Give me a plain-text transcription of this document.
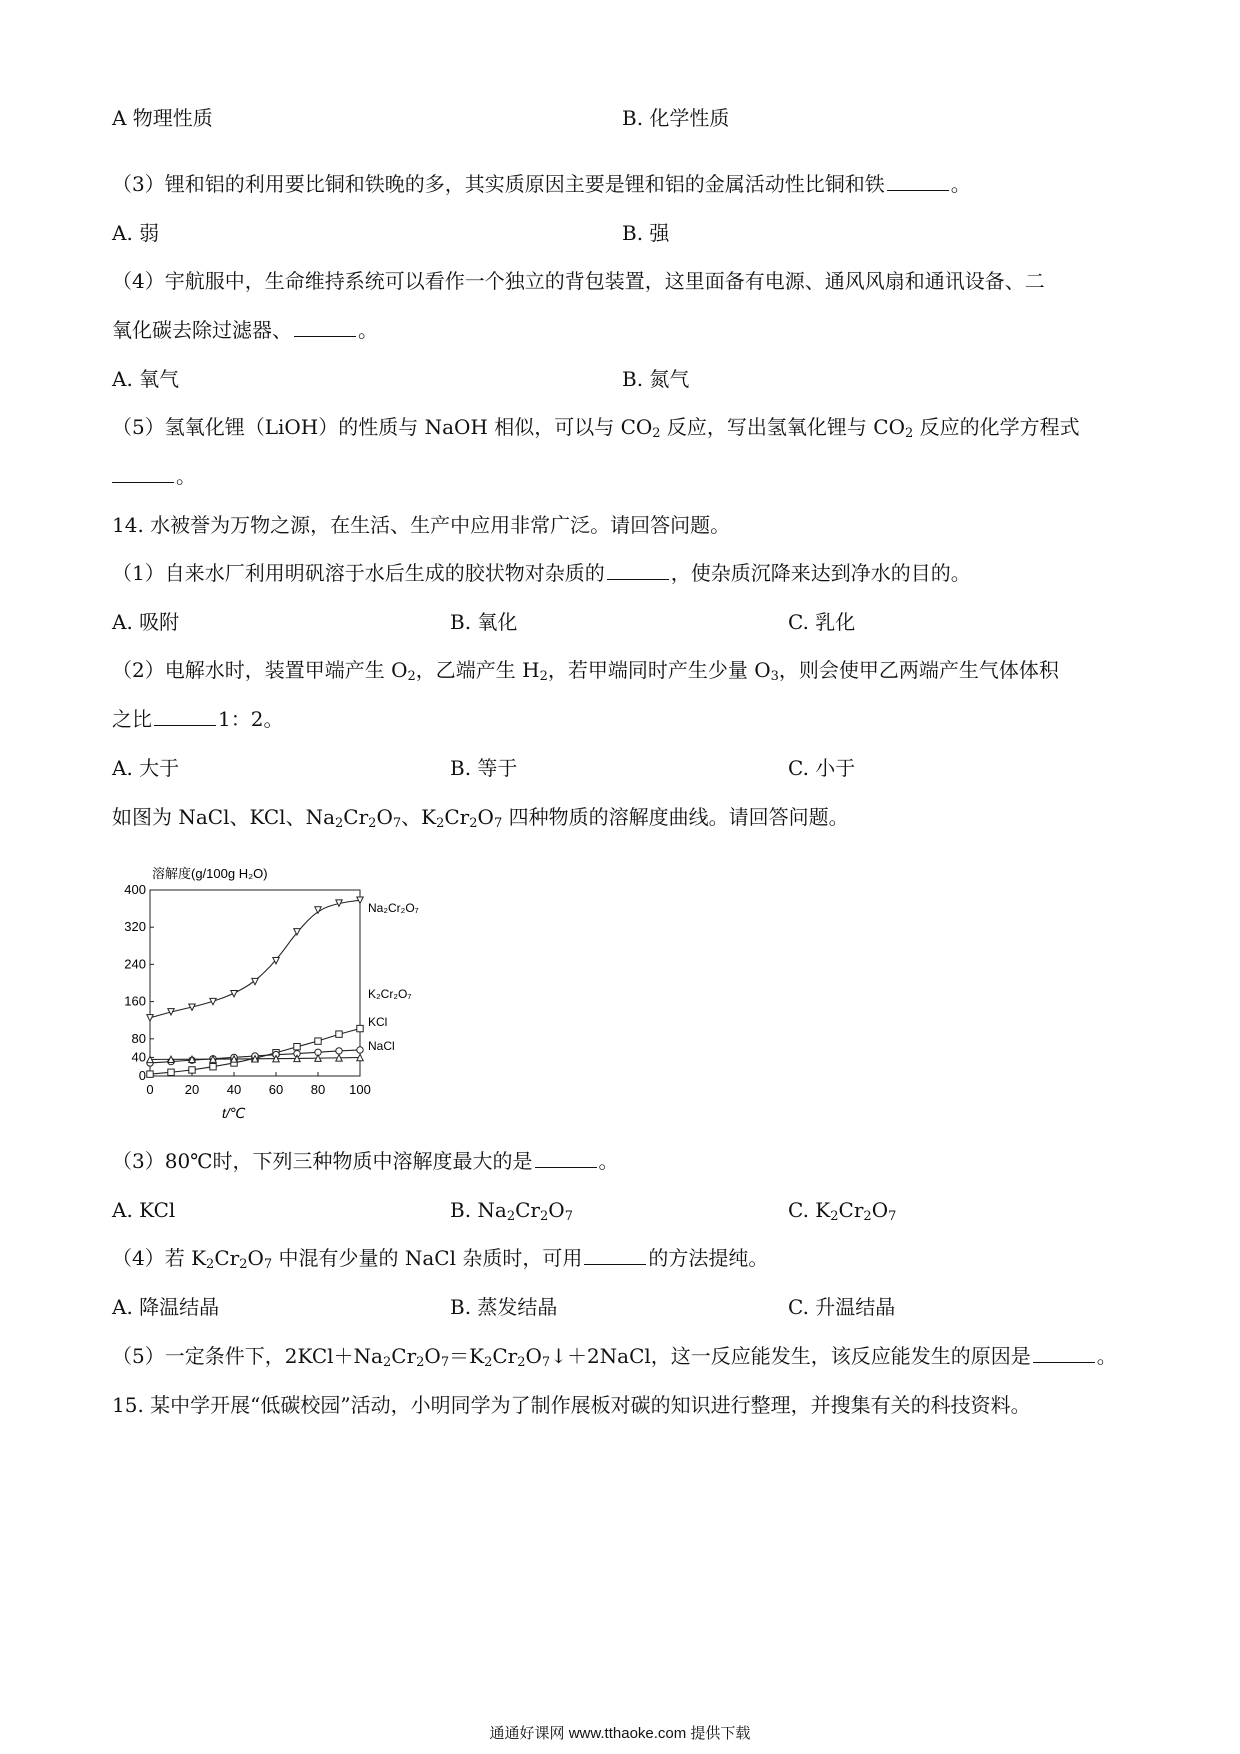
A 物理性质	B. 化学性质
（3）锂和铝的利用要比铜和铁晚的多，其实质原因主要是锂和铝的金属活动性比铜和铁	。
A. 弱	B. 强
（4）宇航服中，生命维持系统可以看作一个独立的背包装置，这里面备有电源、通风风扇和通讯设备、二
氧化碳去除过滤器、	。
A. 氧气	B. 氮气
（5）氢氧化锂（LiOH）的性质与 NaOH 相似，可以与 $CO_2$ 反应，写出氢氧化锂与 $CO_2$ 反应的化学方程式
。
14. 水被誉为万物之源，在生活、生产中应用非常广泛。请回答问题。
（1）自来水厂利用明矾溶于水后生成的胶状物对杂质的	，使杂质沉降来达到净水的目的。
A. 吸附	B. 氧化	C. 乳化
（2）电解水时，装置甲端产生 $O_2$，乙端产生 $H_2$，若甲端同时产生少量 $O_3$，则会使甲乙两端产生气体体积
之比	1：2。
A. 大于	B. 等于	C. 小于
如图为 NaCl、KCl、$Na_2Cr_2O_7$、$K_2Cr_2O_7$ 四种物质的溶解度曲线。请回答问题。
溶解度(g/100g H₂O)
t/℃
0
40
80
160
240
320
400
0 20 40 60 80 100
Na₂Cr₂O₇
K₂Cr₂O₇
KCl
NaCl
（3）80℃时，下列三种物质中溶解度最大的是	。
A. KCl	B. $Na_2Cr_2O_7$	C. $K_2Cr_2O_7$
（4）若 $K_2Cr_2O_7$ 中混有少量的 NaCl 杂质时，可用	的方法提纯。
A. 降温结晶	B. 蒸发结晶	C. 升温结晶
（5）一定条件下，$2KCl+Na_2Cr_2O_7=K_2Cr_2O_7↓+2NaCl$，这一反应能发生，该反应能发生的原因是	。
15. 某中学开展“低碳校园”活动，小明同学为了制作展板对碳的知识进行整理，并搜集有关的科技资料。
通通好课网 www.tthaoke.com 提供下载
